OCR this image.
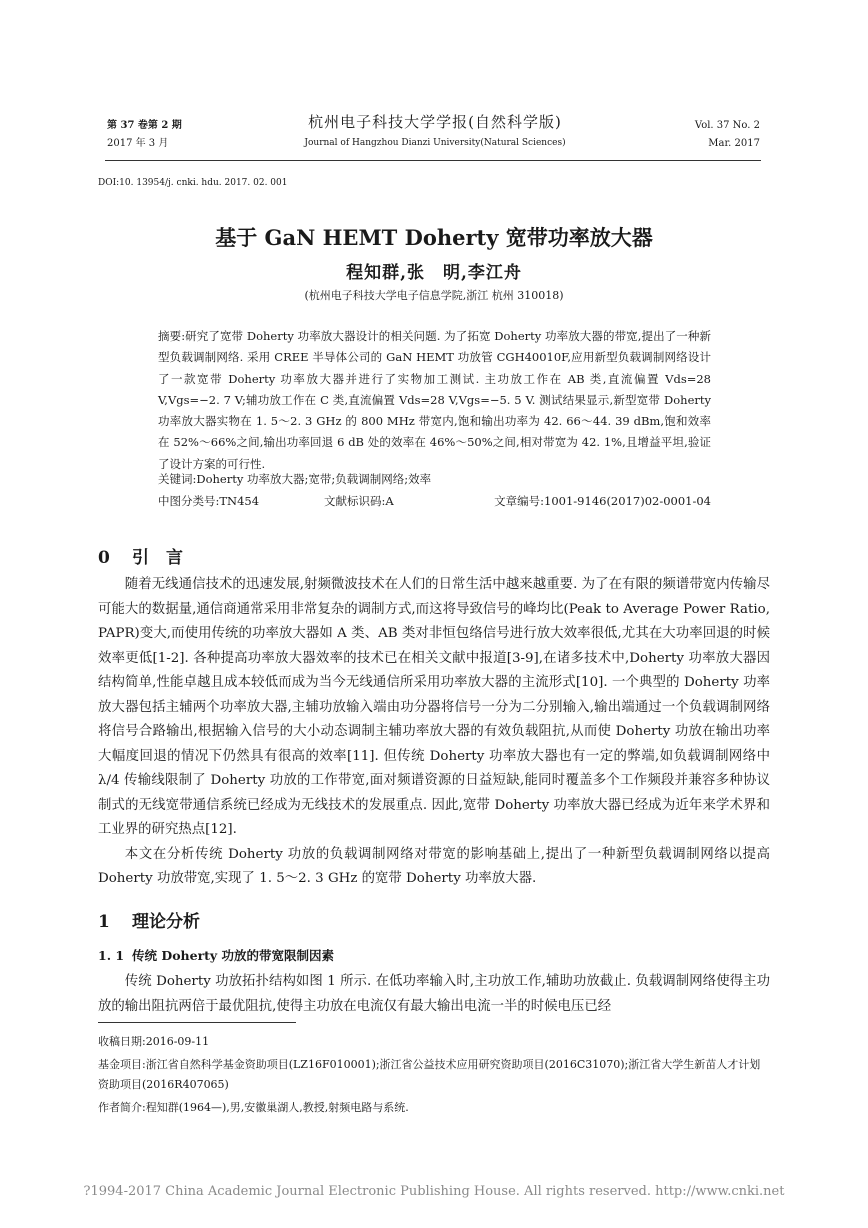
第 37 卷第 2 期
2017 年 3 月
杭州电子科技大学学报(自然科学版)
Journal of Hangzhou Dianzi University(Natural Sciences)
Vol. 37 No. 2
Mar. 2017
DOI:10. 13954/j. cnki. hdu. 2017. 02. 001
基于 GaN HEMT Doherty 宽带功率放大器
程知群,张　明,李江舟
(杭州电子科技大学电子信息学院,浙江 杭州 310018)
摘要:研究了宽带 Doherty 功率放大器设计的相关问题. 为了拓宽 Doherty 功率放大器的带宽,提出了一种新型负载调制网络. 采用 CREE 半导体公司的 GaN HEMT 功放管 CGH40010F,应用新型负载调制网络设计了一款宽带 Doherty 功率放大器并进行了实物加工测试. 主功放工作在 AB 类,直流偏置 Vds=28 V,Vgs=−2. 7 V;辅功放工作在 C 类,直流偏置 Vds=28 V,Vgs=−5. 5 V. 测试结果显示,新型宽带 Doherty 功率放大器实物在 1. 5～2. 3 GHz 的 800 MHz 带宽内,饱和输出功率为 42. 66～44. 39 dBm,饱和效率在 52%～66%之间,输出功率回退 6 dB 处的效率在 46%～50%之间,相对带宽为 42. 1%,且增益平坦,验证了设计方案的可行性.
关键词:Doherty 功率放大器;宽带;负载调制网络;效率
中图分类号:TN454	文献标识码:A	文章编号:1001-9146(2017)02-0001-04
0 引　言

随着无线通信技术的迅速发展,射频微波技术在人们的日常生活中越来越重要. 为了在有限的频谱带宽内传输尽可能大的数据量,通信商通常采用非常复杂的调制方式,而这将导致信号的峰均比(Peak to Average Power Ratio, PAPR)变大,而使用传统的功率放大器如 A 类、AB 类对非恒包络信号进行放大效率很低,尤其在大功率回退的时候效率更低[1-2]. 各种提高功率放大器效率的技术已在相关文献中报道[3-9],在诸多技术中,Doherty 功率放大器因结构简单,性能卓越且成本较低而成为当今无线通信所采用功率放大器的主流形式[10]. 一个典型的 Doherty 功率放大器包括主辅两个功率放大器,主辅功放输入端由功分器将信号一分为二分别输入,输出端通过一个负载调制网络将信号合路输出,根据输入信号的大小动态调制主辅功率放大器的有效负载阻抗,从而使 Doherty 功放在输出功率大幅度回退的情况下仍然具有很高的效率[11]. 但传统 Doherty 功率放大器也有一定的弊端,如负载调制网络中 λ/4 传输线限制了 Doherty 功放的工作带宽,面对频谱资源的日益短缺,能同时覆盖多个工作频段并兼容多种协议制式的无线宽带通信系统已经成为无线技术的发展重点. 因此,宽带 Doherty 功率放大器已经成为近年来学术界和工业界的研究热点[12].

本文在分析传统 Doherty 功放的负载调制网络对带宽的影响基础上,提出了一种新型负载调制网络以提高 Doherty 功放带宽,实现了 1. 5～2. 3 GHz 的宽带 Doherty 功率放大器.

1 理论分析
1. 1 传统 Doherty 功放的带宽限制因素

传统 Doherty 功放拓扑结构如图 1 所示. 在低功率输入时,主功放工作,辅助功放截止. 负载调制网络使得主功放的输出阻抗两倍于最优阻抗,使得主功放在电流仅有最大输出电流一半的时候电压已经

收稿日期:2016-09-11
基金项目:浙江省自然科学基金资助项目(LZ16F010001);浙江省公益技术应用研究资助项目(2016C31070);浙江省大学生新苗人才计划资助项目(2016R407065)
作者简介:程知群(1964—),男,安徽巢湖人,教授,射频电路与系统.
?1994-2017 China Academic Journal Electronic Publishing House. All rights reserved. http://www.cnki.net
